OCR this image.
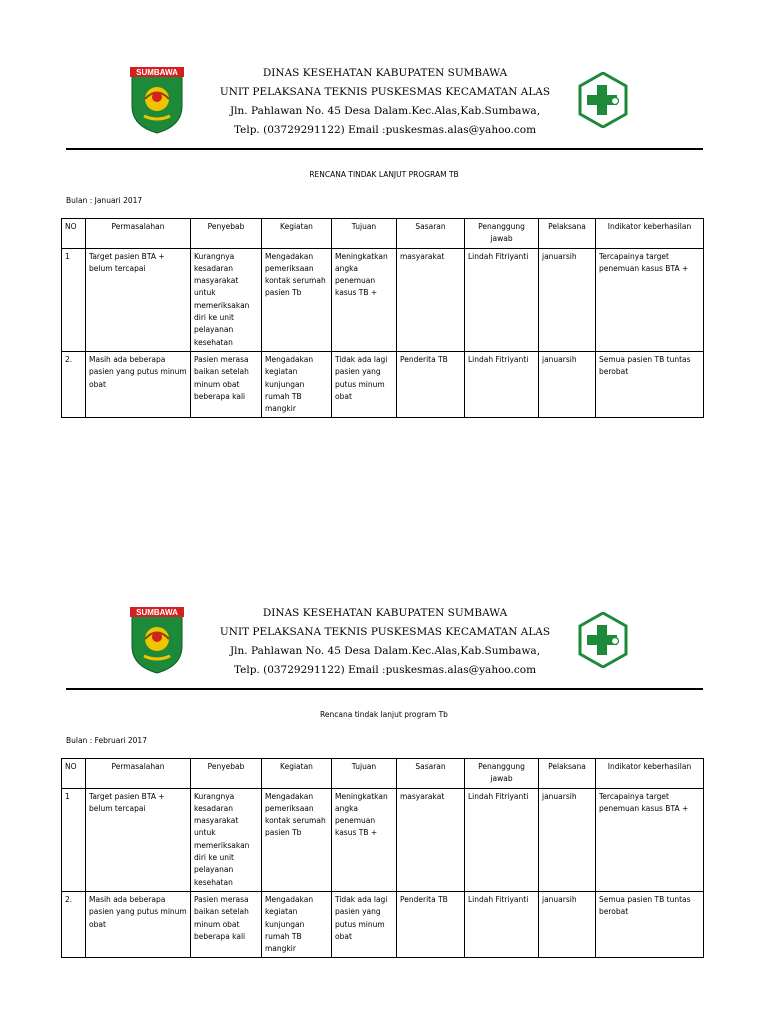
SUMBAWA	DINAS KESEHATAN KABUPATEN SUMBAWA
UNIT PELAKSANA TEKNIS PUSKESMAS KECAMATAN ALAS
Jln. Pahlawan No. 45 Desa Dalam.Kec.Alas,Kab.Sumbawa,
Telp. (03729291122) Email :puskesmas.alas@yahoo.com
RENCANA TINDAK LANJUT PROGRAM TB
Bulan : Januari 2017
NO	Permasalahan	Penyebab	Kegiatan	Tujuan	Sasaran	Penanggung jawab	Pelaksana	Indikator keberhasilan
1	Target pasien BTA + belum tercapai	Kurangnya kesadaran masyarakat untuk memeriksakan diri ke unit pelayanan kesehatan	Mengadakan pemeriksaan kontak serumah pasien Tb	Meningkatkan angka penemuan kasus TB +	masyarakat	Lindah Fitriyanti	januarsih	Tercapainya target penemuan kasus BTA +
2.	Masih ada beberapa pasien yang putus minum obat	Pasien merasa baikan setelah minum obat beberapa kali	Mengadakan kegiatan kunjungan rumah TB mangkir	Tidak ada lagi pasien yang putus minum obat	Penderita TB	Lindah Fitriyanti	januarsih	Semua pasien TB tuntas berobat
SUMBAWA	DINAS KESEHATAN KABUPATEN SUMBAWA
UNIT PELAKSANA TEKNIS PUSKESMAS KECAMATAN ALAS
Jln. Pahlawan No. 45 Desa Dalam.Kec.Alas,Kab.Sumbawa,
Telp. (03729291122) Email :puskesmas.alas@yahoo.com
Rencana tindak lanjut program Tb
Bulan : Februari 2017
NO	Permasalahan	Penyebab	Kegiatan	Tujuan	Sasaran	Penanggung jawab	Pelaksana	Indikator keberhasilan
1	Target pasien BTA + belum tercapai	Kurangnya kesadaran masyarakat untuk memeriksakan diri ke unit pelayanan kesehatan	Mengadakan pemeriksaan kontak serumah pasien Tb	Meningkatkan angka penemuan kasus TB +	masyarakat	Lindah Fitriyanti	januarsih	Tercapainya target penemuan kasus BTA +
2.	Masih ada beberapa pasien yang putus minum obat	Pasien merasa baikan setelah minum obat beberapa kali	Mengadakan kegiatan kunjungan rumah TB mangkir	Tidak ada lagi pasien yang putus minum obat	Penderita TB	Lindah Fitriyanti	januarsih	Semua pasien TB tuntas berobat
